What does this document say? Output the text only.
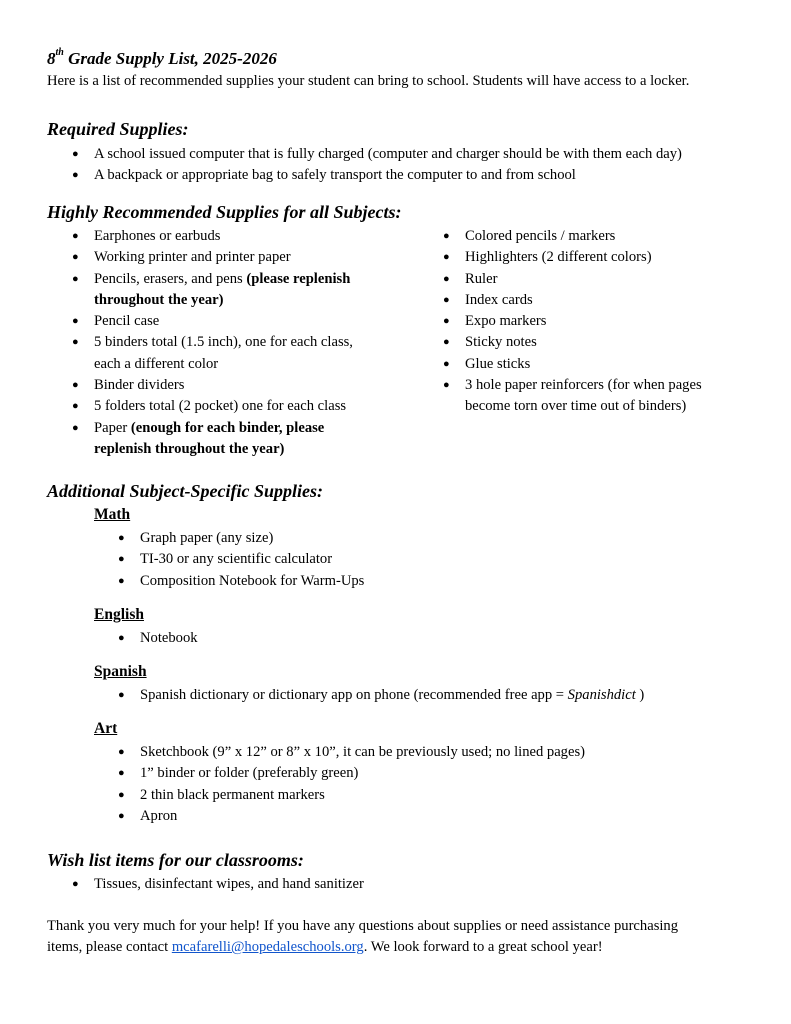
8th Grade Supply List, 2025-2026
Here is a list of recommended supplies your student can bring to school. Students will have access to a locker.
Required Supplies:
● A school issued computer that is fully charged (computer and charger should be with them each day)
● A backpack or appropriate bag to safely transport the computer to and from school
Highly Recommended Supplies for all Subjects:
● Earphones or earbuds
● Working printer and printer paper
● Pencils, erasers, and pens (please replenish
throughout the year)
● Pencil case
● 5 binders total (1.5 inch), one for each class,
each a different color
● Binder dividers
● 5 folders total (2 pocket) one for each class
● Paper (enough for each binder, please
replenish throughout the year)
● Colored pencils / markers
● Highlighters (2 different colors)
● Ruler
● Index cards
● Expo markers
● Sticky notes
● Glue sticks
● 3 hole paper reinforcers (for when pages
become torn over time out of binders)
Additional Subject-Specific Supplies:
Math
● Graph paper (any size)
● TI-30 or any scientific calculator
● Composition Notebook for Warm-Ups
English
● Notebook
Spanish
● Spanish dictionary or dictionary app on phone (recommended free app = Spanishdict )
Art
● Sketchbook (9” x 12” or 8” x 10”, it can be previously used; no lined pages)
● 1” binder or folder (preferably green)
● 2 thin black permanent markers
● Apron
Wish list items for our classrooms:
● Tissues, disinfectant wipes, and hand sanitizer
Thank you very much for your help! If you have any questions about supplies or need assistance purchasing
items, please contact mcafarelli@hopedaleschools.org. We look forward to a great school year!
